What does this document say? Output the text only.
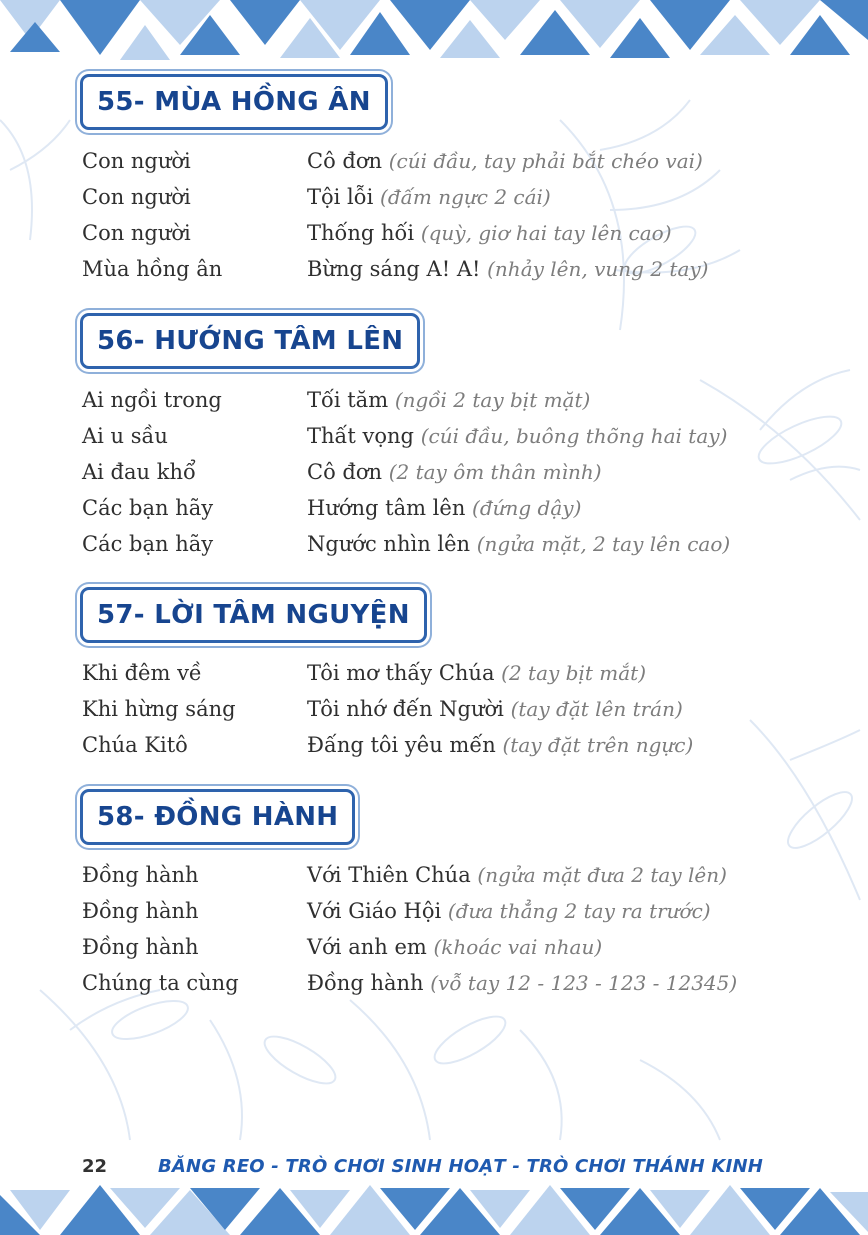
55- MÙA HỒNG ÂN
Con người	Cô đơn (cúi đầu, tay phải bắt chéo vai)
Con người	Tội lỗi (đấm ngực 2 cái)
Con người	Thống hối (quỳ, giơ hai tay lên cao)
Mùa hồng ân	Bừng sáng A! A! (nhảy lên, vung 2 tay)
56- HƯỚNG TÂM LÊN
Ai ngồi trong	Tối tăm (ngồi 2 tay bịt mặt)
Ai u sầu	Thất vọng (cúi đầu, buông thõng hai tay)
Ai đau khổ	Cô đơn (2 tay ôm thân mình)
Các bạn hãy	Hướng tâm lên (đứng dậy)
Các bạn hãy	Ngước nhìn lên (ngửa mặt, 2 tay lên cao)
57- LỜI TÂM NGUYỆN
Khi đêm về	Tôi mơ thấy Chúa (2 tay bịt mắt)
Khi hừng sáng	Tôi nhớ đến Người (tay đặt lên trán)
Chúa Kitô	Đấng tôi yêu mến (tay đặt trên ngực)
58- ĐỒNG HÀNH
Đồng hành	Với Thiên Chúa (ngửa mặt đưa 2 tay lên)
Đồng hành	Với Giáo Hội (đưa thẳng 2 tay ra trước)
Đồng hành	Với anh em (khoác vai nhau)
Chúng ta cùng	Đồng hành (vỗ tay 12 - 123 - 123 - 12345)
22	BĂNG REO - TRÒ CHƠI SINH HOẠT - TRÒ CHƠI THÁNH KINH
